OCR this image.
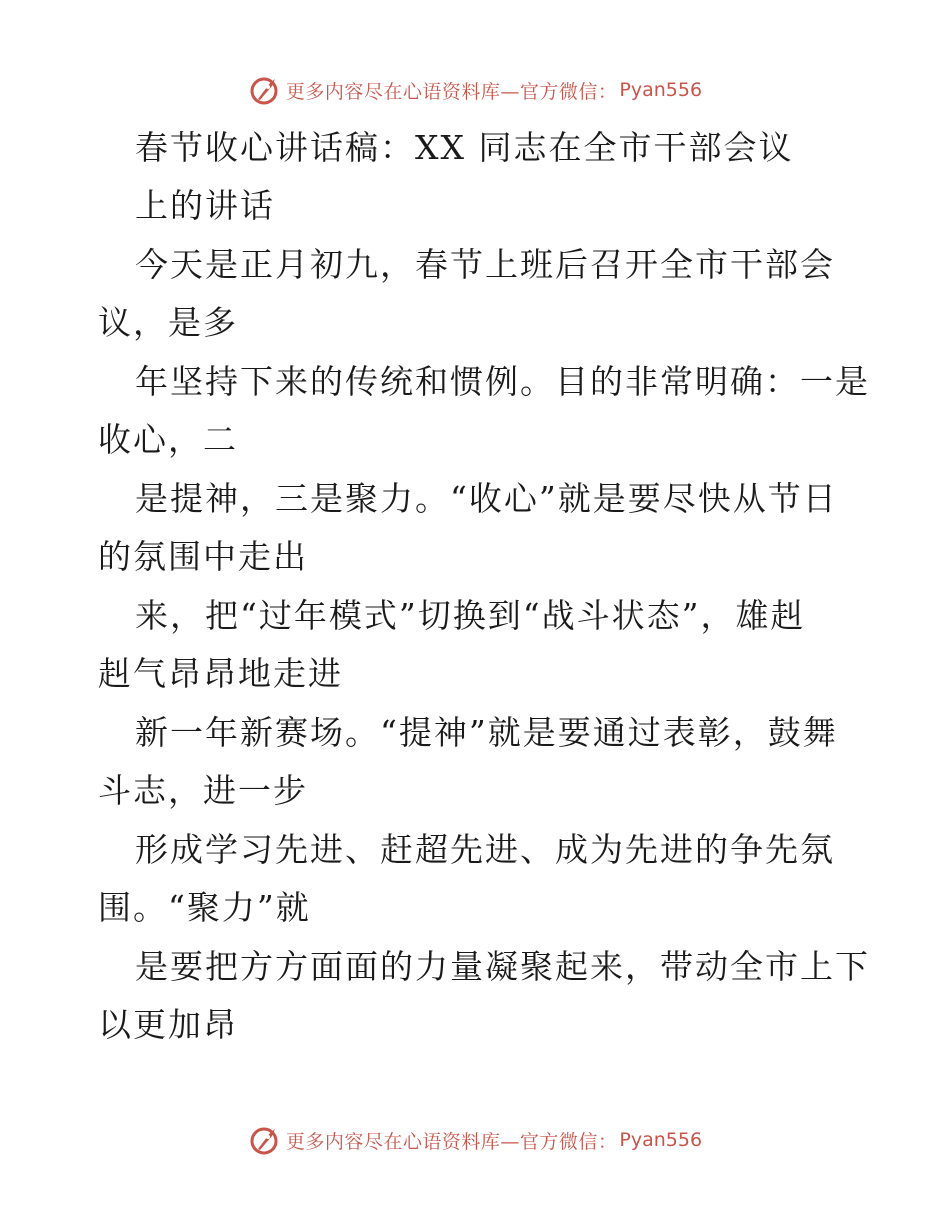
更多内容尽在心语资料库—官方微信： Pyan556
春节收心讲话稿：XX 同志在全市干部会议
上的讲话
今天是正月初九，春节上班后召开全市干部会
议，是多
年坚持下来的传统和惯例。目的非常明确：一是
收心，二
是提神，三是聚力。“收心”就是要尽快从节日
的氛围中走出
来，把“过年模式”切换到“战斗状态”，雄赳
赳气昂昂地走进
新一年新赛场。“提神”就是要通过表彰，鼓舞
斗志，进一步
形成学习先进、赶超先进、成为先进的争先氛
围。“聚力”就
是要把方方面面的力量凝聚起来，带动全市上下
以更加昂
更多内容尽在心语资料库—官方微信： Pyan556
